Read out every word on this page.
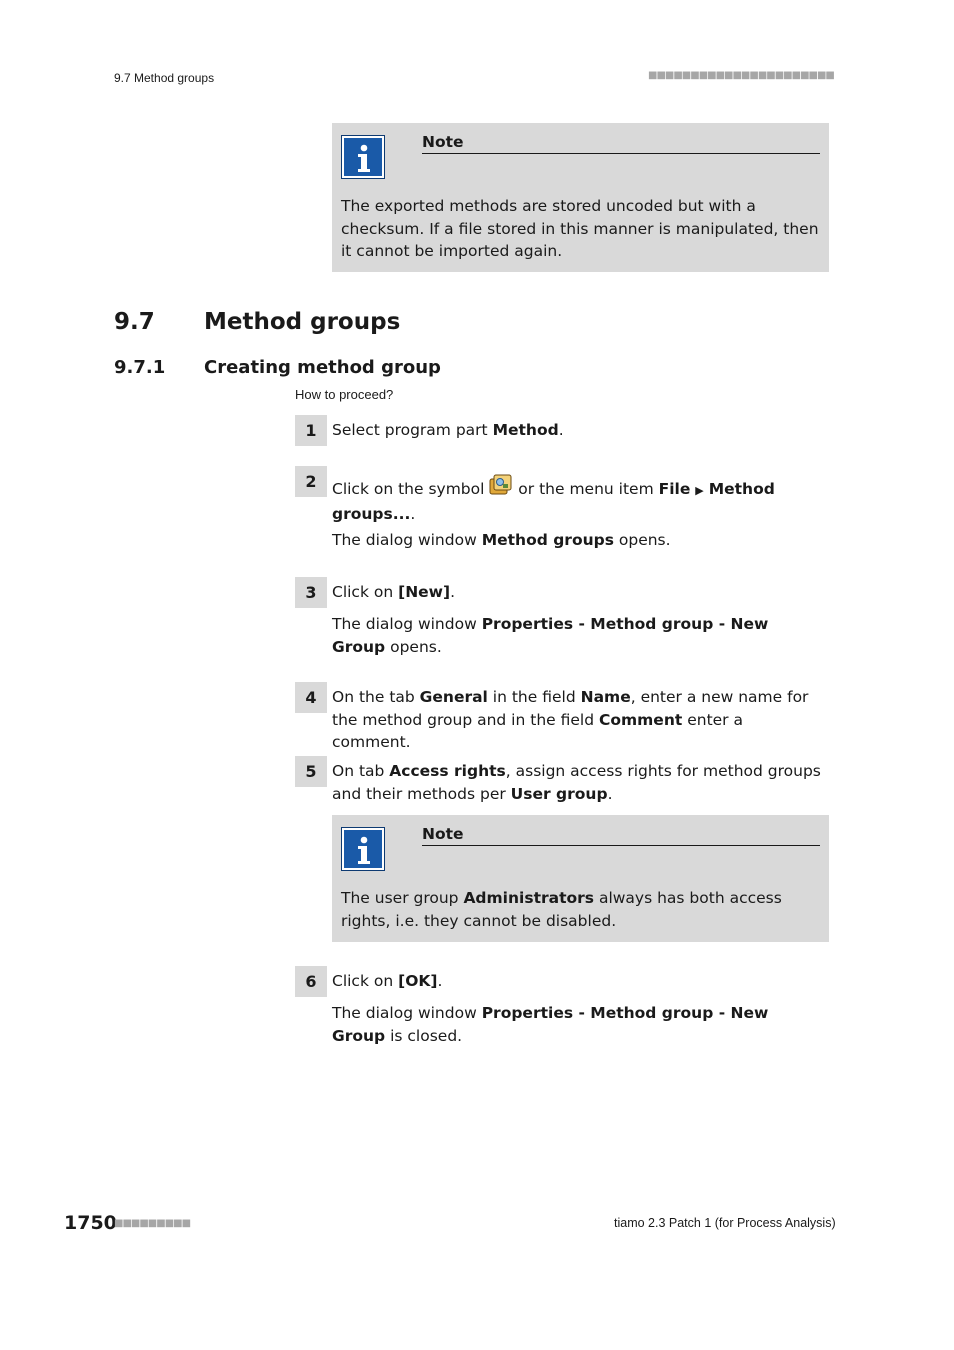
9.7 Method groups	■■■■■■■■■■■■■■■■■■■■■■
Note
The exported methods are stored uncoded but with a checksum. If a file stored in this manner is manipulated, then it cannot be imported again.
9.7 Method groups
9.7.1 Creating method group
How to proceed?
1 Select program part Method.
2 Click on the symbol  or the menu item File ▶ Method groups....
The dialog window Method groups opens.
3 Click on [New].
The dialog window Properties - Method group - New Group opens.
4 On the tab General in the field Name, enter a new name for the method group and in the field Comment enter a comment.
5 On tab Access rights, assign access rights for method groups and their methods per User group.
Note
The user group Administrators always has both access rights, i.e. they cannot be disabled.
6 Click on [OK].
The dialog window Properties - Method group - New Group is closed.
1750
■■■■■■■■■	tiamo 2.3 Patch 1 (for Process Analysis)
